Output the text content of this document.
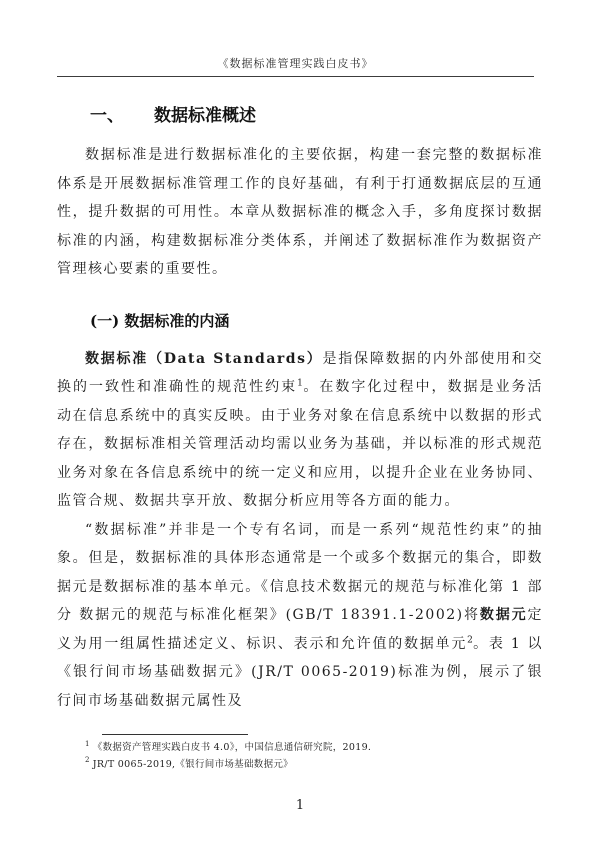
《数据标准管理实践白皮书》
一、 数据标准概述

数据标准是进行数据标准化的主要依据，构建一套完整的数据标准体系是开展数据标准管理工作的良好基础，有利于打通数据底层的互通性，提升数据的可用性。本章从数据标准的概念入手，多角度探讨数据标准的内涵，构建数据标准分类体系，并阐述了数据标准作为数据资产管理核心要素的重要性。

(一) 数据标准的内涵

数据标准（Data Standards）是指保障数据的内外部使用和交换的一致性和准确性的规范性约束$^1$。在数字化过程中，数据是业务活动在信息系统中的真实反映。由于业务对象在信息系统中以数据的形式存在，数据标准相关管理活动均需以业务为基础，并以标准的形式规范业务对象在各信息系统中的统一定义和应用，以提升企业在业务协同、监管合规、数据共享开放、数据分析应用等各方面的能力。

“数据标准”并非是一个专有名词，而是一系列“规范性约束”的抽象。但是，数据标准的具体形态通常是一个或多个数据元的集合，即数据元是数据标准的基本单元。《信息技术数据元的规范与标准化第 1 部分 数据元的规范与标准化框架》(GB/T 18391.1-2002)将数据元定义为用一组属性描述定义、标识、表示和允许值的数据单元$^2$。表 1 以《银行间市场基础数据元》(JR/T 0065-2019)标准为例，展示了银行间市场基础数据元属性及

$^1$ 《数据资产管理实践白皮书 4.0》，中国信息通信研究院，2019.
$^2$ JR/T 0065-2019,《银行间市场基础数据元》
1
